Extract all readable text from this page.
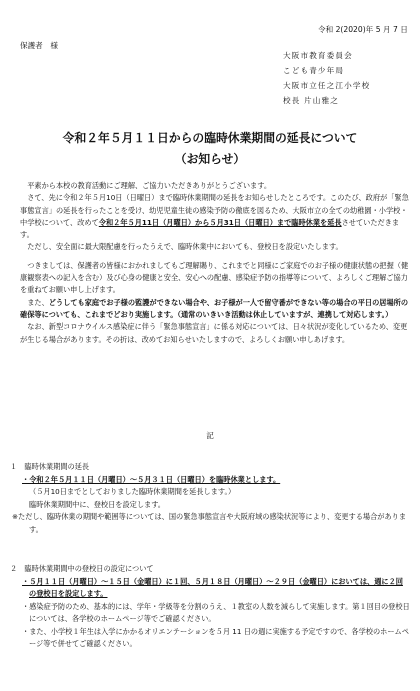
令和 2(2020)年 5 月 7 日
保護者　様
大阪市教育委員会
こども青少年局
大阪市立任之江小学校
校長 片山雅之
令和２年５月１１日からの臨時休業期間の延長について
（お知らせ）

　平素から本校の教育活動にご理解、ご協力いただきありがとうございます。

　さて、先に令和２年５月10日（日曜日）まで臨時休業期間の延長をお知らせしたところです。このたび、政府が「緊急事態宣言」の延長を行ったことを受け、幼児児童生徒の感染予防の徹底を図るため、大阪市立の全ての幼稚園・小学校・中学校について、改めて令和２年５月11日（月曜日）から５月31日（日曜日）まで臨時休業を延長させていただきます。

　ただし、安全面に最大限配慮を行ったうえで、臨時休業中においても、登校日を設定いたします。

　つきましては、保護者の皆様におかれましてもご理解賜り、これまでと同様にご家庭でのお子様の健康状態の把握（健康観察表への記入を含む）及び心身の健康と安全、安心への配慮、感染症予防の指導等について、よろしくご理解ご協力を重ねてお願い申し上げます。

　また、どうしても家庭でお子様の監護ができない場合や、お子様が一人で留守番ができない等の場合の平日の居場所の確保等についても、これまでどおり実施します。（通常のいきいき活動は休止していますが、連携して対応します。）

　なお、新型コロナウイルス感染症に伴う「緊急事態宣言」に係る対応については、日々状況が変化しているため、変更が生じる場合があります。その折は、改めてお知らせいたしますので、よろしくお願い申しあげます。

記

１　臨時休業期間の延長

・令和２年５月１１日（月曜日）〜５月３１日（日曜日）を臨時休業とします。

（５月10日までとしておりました臨時休業期間を延長します。）

臨時休業期間中に、登校日を設定します。

※ただし、臨時休業の期間や範囲等については、国の緊急事態宣言や大阪府域の感染状況等により、変更する場合があります。

２　臨時休業期間中の登校日の設定について

・５月１１日（月曜日）〜１５日（金曜日）に１回、５月１８日（月曜日）〜２９日（金曜日）においては、週に２回の登校日を設定します。

・感染症予防のため、基本的には、学年・学級等を分割のうえ、１教室の人数を減らして実施します。第１回目の登校日については、各学校のホームページ等でご確認ください。

・また、小学校１年生は入学にかかるオリエンテーションを５月 11 日の週に実施する予定ですので、各学校のホームページ等で併せてご確認ください。
